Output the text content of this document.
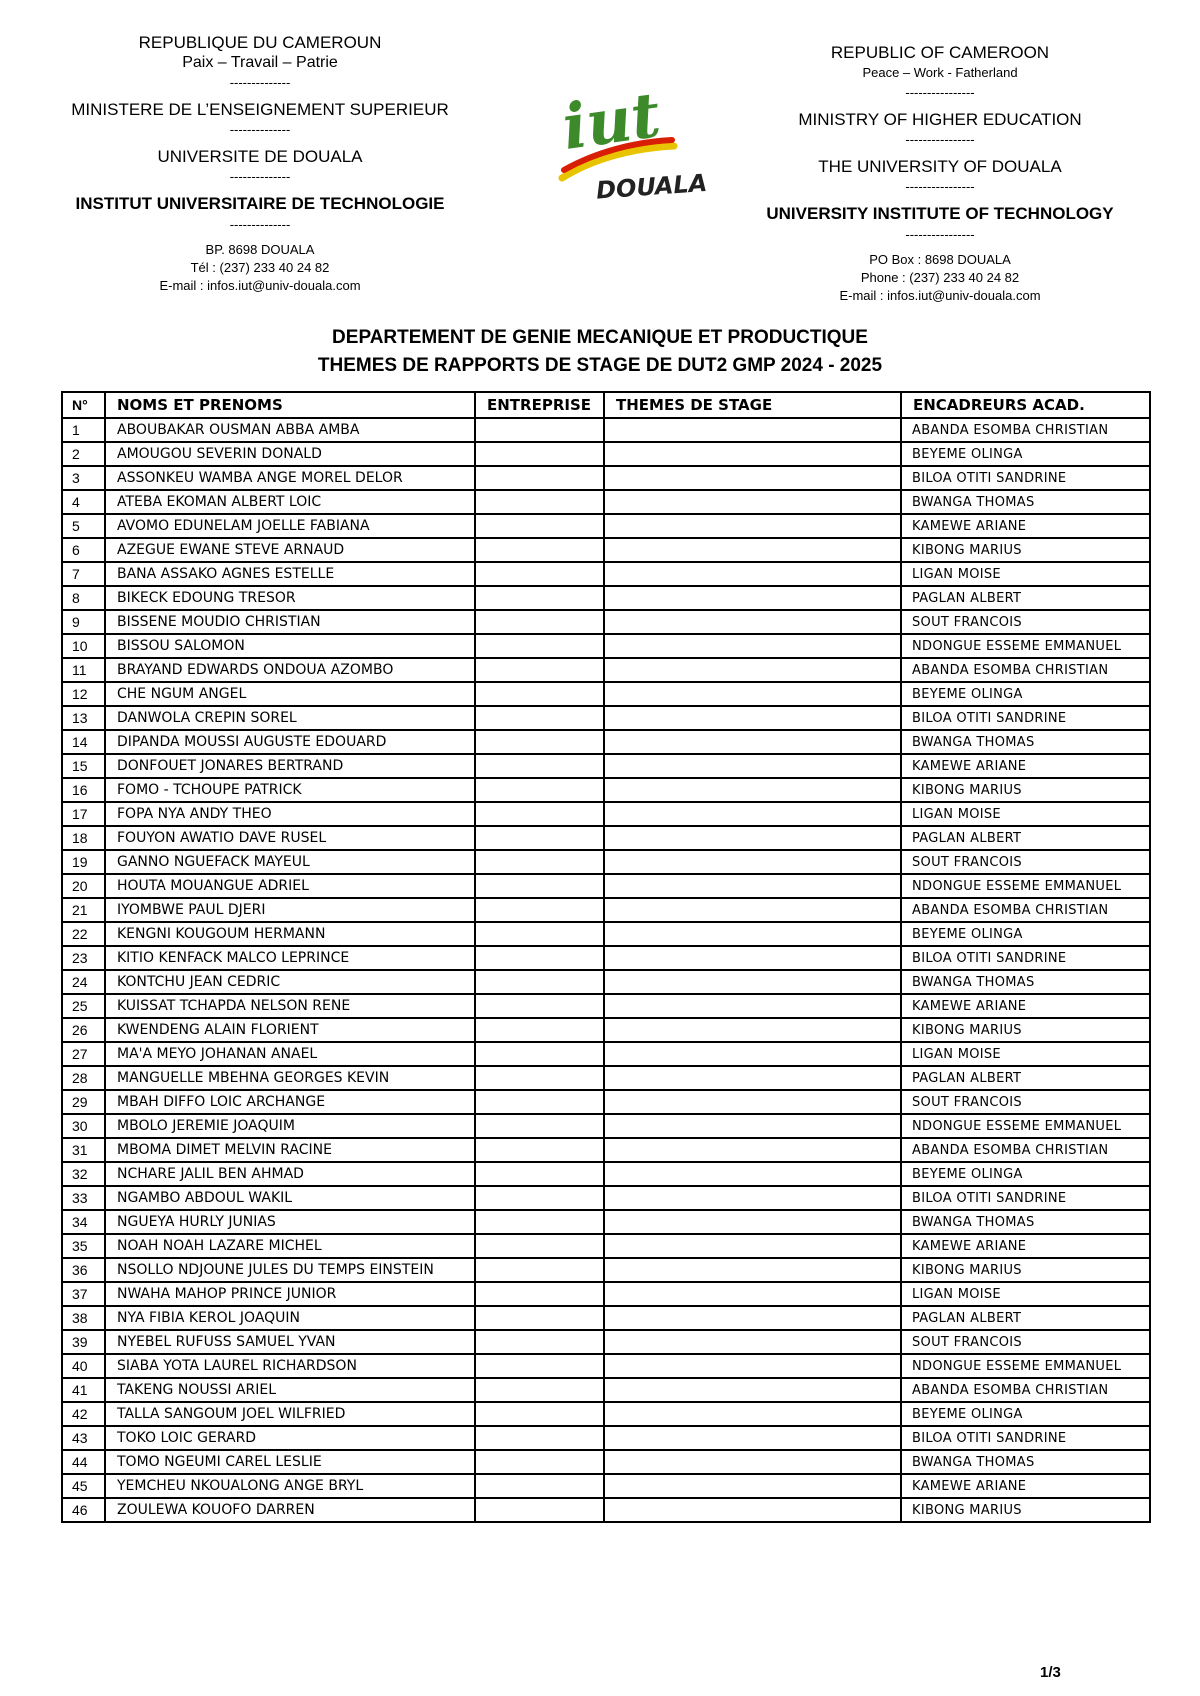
REPUBLIQUE DU CAMEROUN
Paix – Travail – Patrie
--------------
MINISTERE DE L’ENSEIGNEMENT SUPERIEUR
--------------
UNIVERSITE DE DOUALA
--------------
INSTITUT UNIVERSITAIRE DE TECHNOLOGIE
--------------
BP. 8698 DOUALA
Tél : (237) 233 40 24 82
E-mail : infos.iut@univ-douala.com
iut
DOUALA
REPUBLIC OF CAMEROON
Peace – Work - Fatherland
----------------
MINISTRY OF HIGHER EDUCATION
----------------
THE UNIVERSITY OF DOUALA
----------------
UNIVERSITY INSTITUTE OF TECHNOLOGY
----------------
PO Box : 8698 DOUALA
Phone : (237) 233 40 24 82
E-mail : infos.iut@univ-douala.com
DEPARTEMENT DE GENIE MECANIQUE ET PRODUCTIQUE
THEMES DE RAPPORTS DE STAGE DE DUT2 GMP 2024 - 2025
N°	NOMS ET PRENOMS	ENTREPRISE	THEMES DE STAGE	ENCADREURS ACAD.
1	ABOUBAKAR OUSMAN ABBA AMBA			ABANDA ESOMBA CHRISTIAN
2	AMOUGOU SEVERIN DONALD			BEYEME OLINGA
3	ASSONKEU WAMBA ANGE MOREL DELOR			BILOA OTITI SANDRINE
4	ATEBA EKOMAN ALBERT LOIC			BWANGA THOMAS
5	AVOMO EDUNELAM JOELLE FABIANA			KAMEWE ARIANE
6	AZEGUE EWANE STEVE ARNAUD			KIBONG MARIUS
7	BANA ASSAKO AGNES ESTELLE			LIGAN MOISE
8	BIKECK EDOUNG TRESOR			PAGLAN ALBERT
9	BISSENE MOUDIO CHRISTIAN			SOUT FRANCOIS
10	BISSOU SALOMON			NDONGUE ESSEME EMMANUEL
11	BRAYAND EDWARDS ONDOUA AZOMBO			ABANDA ESOMBA CHRISTIAN
12	CHE NGUM ANGEL			BEYEME OLINGA
13	DANWOLA CREPIN SOREL			BILOA OTITI SANDRINE
14	DIPANDA MOUSSI AUGUSTE EDOUARD			BWANGA THOMAS
15	DONFOUET JONARES BERTRAND			KAMEWE ARIANE
16	FOMO - TCHOUPE PATRICK			KIBONG MARIUS
17	FOPA NYA ANDY THEO			LIGAN MOISE
18	FOUYON AWATIO DAVE RUSEL			PAGLAN ALBERT
19	GANNO NGUEFACK MAYEUL			SOUT FRANCOIS
20	HOUTA MOUANGUE ADRIEL			NDONGUE ESSEME EMMANUEL
21	IYOMBWE PAUL DJERI			ABANDA ESOMBA CHRISTIAN
22	KENGNI KOUGOUM HERMANN			BEYEME OLINGA
23	KITIO KENFACK MALCO LEPRINCE			BILOA OTITI SANDRINE
24	KONTCHU JEAN CEDRIC			BWANGA THOMAS
25	KUISSAT TCHAPDA NELSON RENE			KAMEWE ARIANE
26	KWENDENG ALAIN FLORIENT			KIBONG MARIUS
27	MA'A MEYO JOHANAN ANAEL			LIGAN MOISE
28	MANGUELLE MBEHNA GEORGES KEVIN			PAGLAN ALBERT
29	MBAH DIFFO LOIC ARCHANGE			SOUT FRANCOIS
30	MBOLO JEREMIE JOAQUIM			NDONGUE ESSEME EMMANUEL
31	MBOMA DIMET MELVIN RACINE			ABANDA ESOMBA CHRISTIAN
32	NCHARE JALIL BEN AHMAD			BEYEME OLINGA
33	NGAMBO ABDOUL WAKIL			BILOA OTITI SANDRINE
34	NGUEYA HURLY JUNIAS			BWANGA THOMAS
35	NOAH NOAH LAZARE MICHEL			KAMEWE ARIANE
36	NSOLLO NDJOUNE JULES DU TEMPS EINSTEIN			KIBONG MARIUS
37	NWAHA MAHOP PRINCE JUNIOR			LIGAN MOISE
38	NYA FIBIA KEROL JOAQUIN			PAGLAN ALBERT
39	NYEBEL RUFUSS SAMUEL YVAN			SOUT FRANCOIS
40	SIABA YOTA LAUREL RICHARDSON			NDONGUE ESSEME EMMANUEL
41	TAKENG NOUSSI ARIEL			ABANDA ESOMBA CHRISTIAN
42	TALLA SANGOUM JOEL WILFRIED			BEYEME OLINGA
43	TOKO LOIC GERARD			BILOA OTITI SANDRINE
44	TOMO NGEUMI CAREL LESLIE			BWANGA THOMAS
45	YEMCHEU NKOUALONG ANGE BRYL			KAMEWE ARIANE
46	ZOULEWA KOUOFO DARREN			KIBONG MARIUS
1/3
